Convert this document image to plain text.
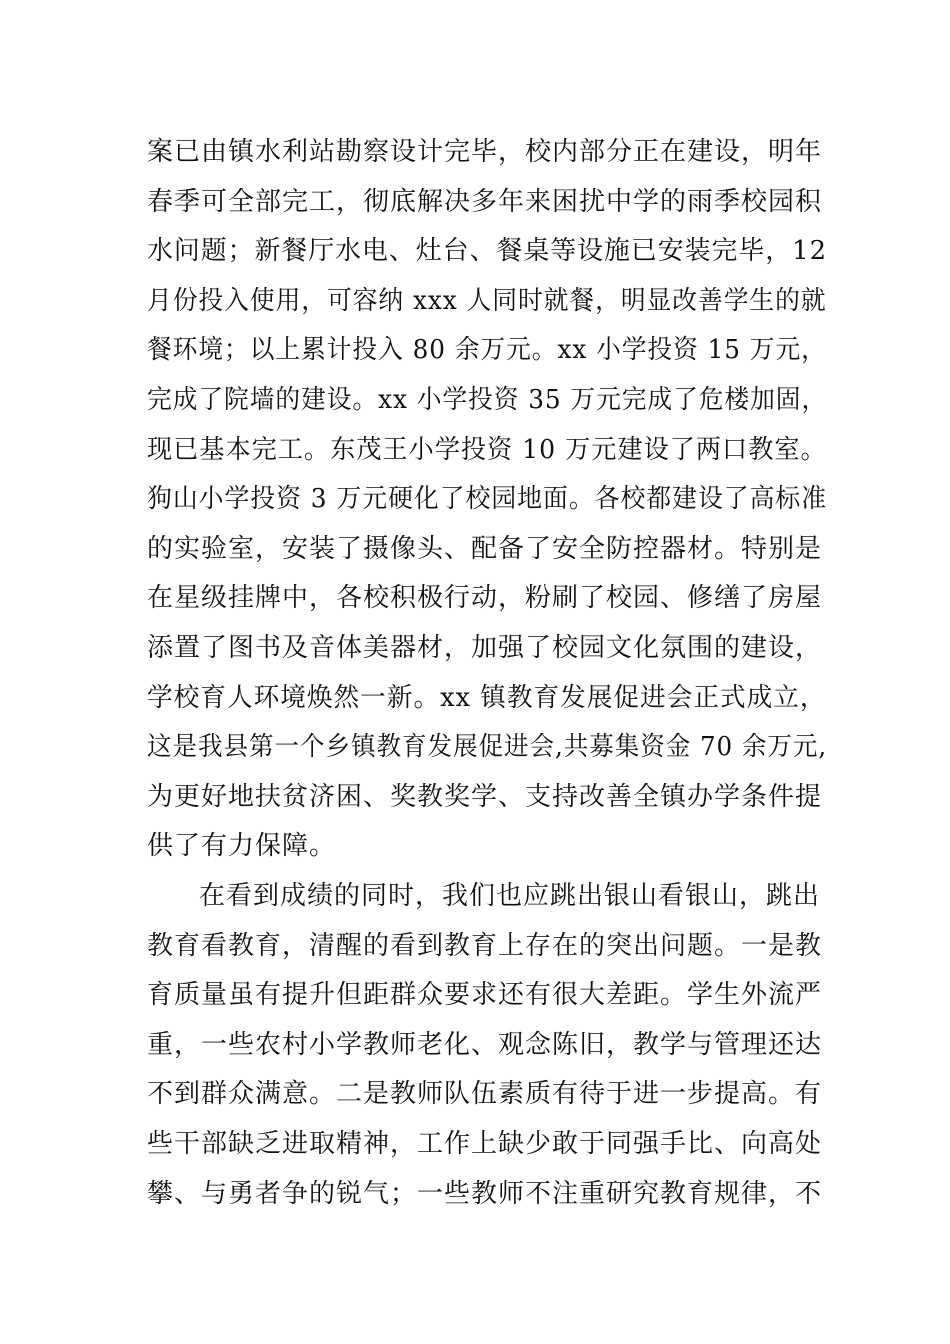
案已由镇水利站勘察设计完毕，校内部分正在建设，明年
春季可全部完工，彻底解决多年来困扰中学的雨季校园积
水问题；新餐厅水电、灶台、餐桌等设施已安装完毕，12
月份投入使用，可容纳 xxx 人同时就餐，明显改善学生的就
餐环境；以上累计投入 80 余万元。xx 小学投资 15 万元，
完成了院墙的建设。xx 小学投资 35 万元完成了危楼加固，
现已基本完工。东茂王小学投资 10 万元建设了两口教室。
狗山小学投资 3 万元硬化了校园地面。各校都建设了高标准
的实验室，安装了摄像头、配备了安全防控器材。特别是
在星级挂牌中，各校积极行动，粉刷了校园、修缮了房屋
添置了图书及音体美器材，加强了校园文化氛围的建设，
学校育人环境焕然一新。xx 镇教育发展促进会正式成立，
这是我县第一个乡镇教育发展促进会,共募集资金 70 余万元,
为更好地扶贫济困、奖教奖学、支持改善全镇办学条件提
供了有力保障。
在看到成绩的同时，我们也应跳出银山看银山，跳出
教育看教育，清醒的看到教育上存在的突出问题。一是教
育质量虽有提升但距群众要求还有很大差距。学生外流严
重，一些农村小学教师老化、观念陈旧，教学与管理还达
不到群众满意。二是教师队伍素质有待于进一步提高。有
些干部缺乏进取精神，工作上缺少敢于同强手比、向高处
攀、与勇者争的锐气；一些教师不注重研究教育规律，不
